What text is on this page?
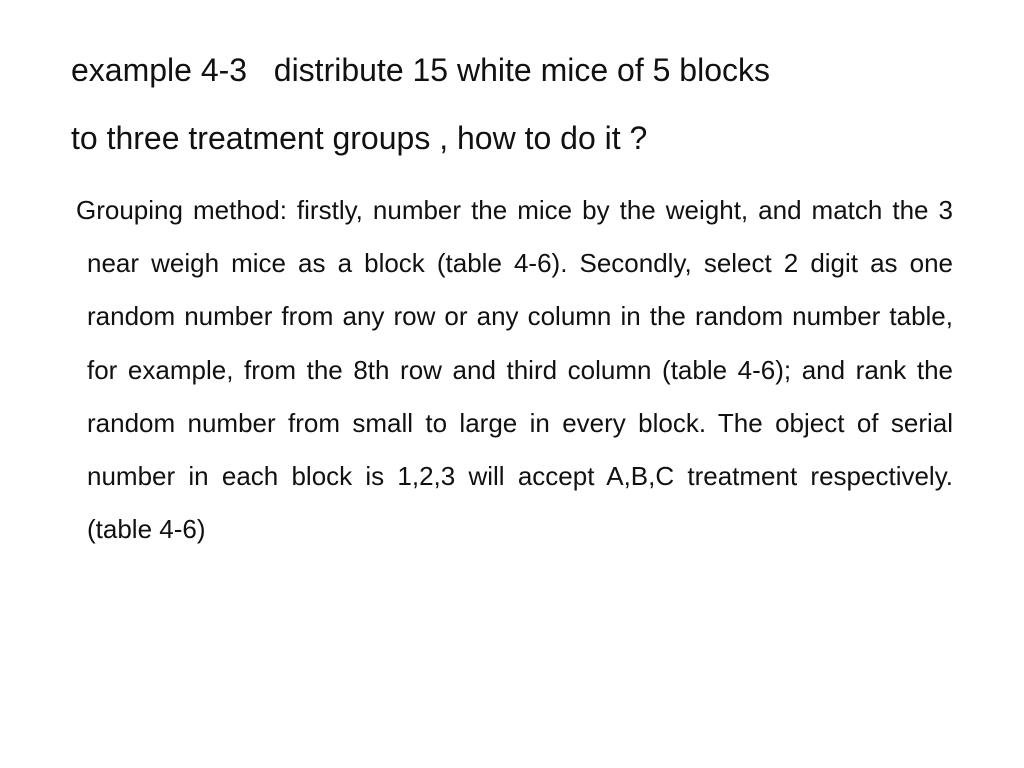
example 4-3   distribute 15 white mice of 5 blocks
to three treatment groups , how to do it ?

Grouping method: firstly, number the mice by the weight, and match the 3 near weigh mice as a block (table 4-6). Secondly, select 2 digit as one random number from any row or any column in the random number table, for example, from the 8th row and third column (table 4-6); and rank the random number from small to large in every block. The object of serial number in each block is 1,2,3 will accept A,B,C treatment respectively. (table 4-6)
